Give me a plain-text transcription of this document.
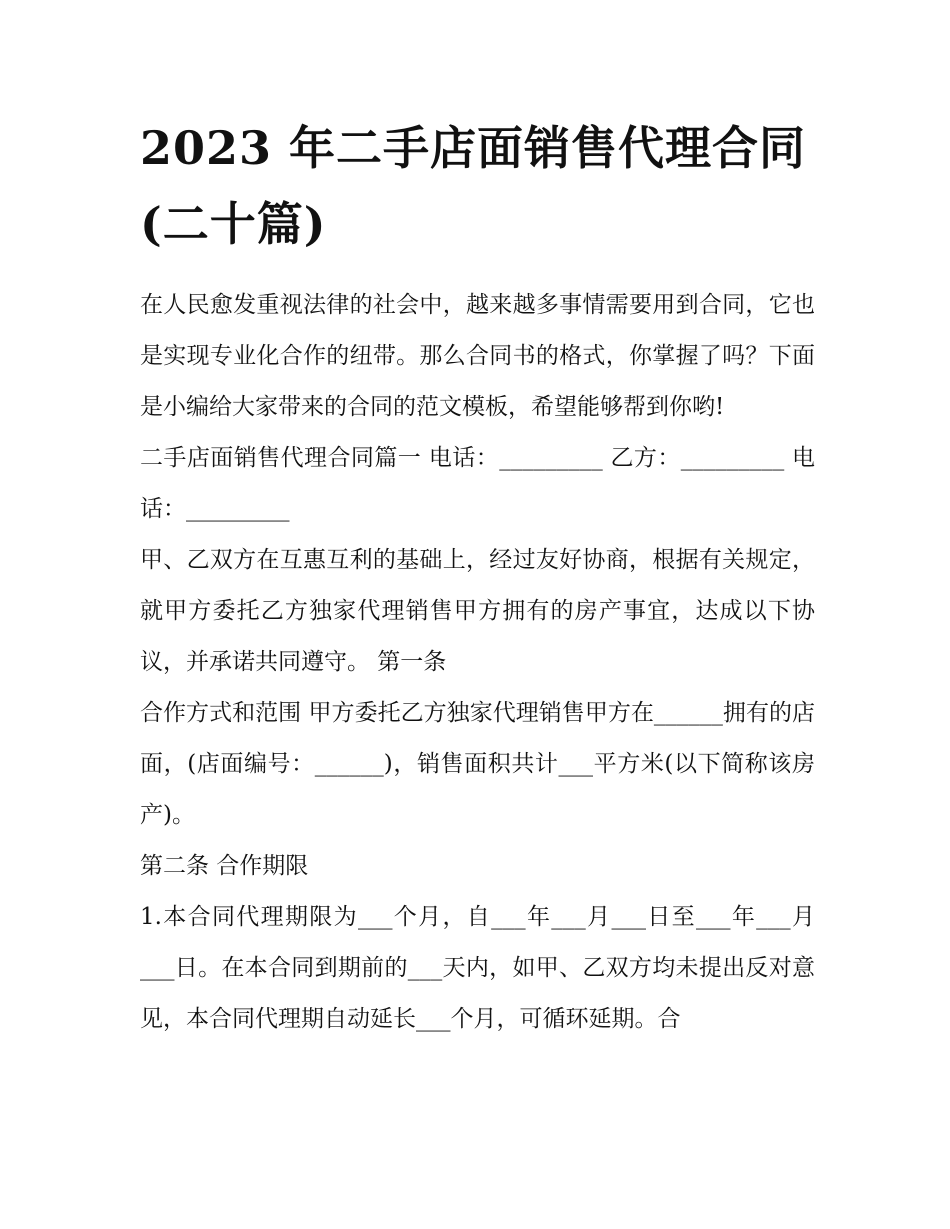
2023 年二手店面销售代理合同(二十篇)

在人民愈发重视法律的社会中，越来越多事情需要用到合同，它也是实现专业化合作的纽带。那么合同书的格式，你掌握了吗？下面是小编给大家带来的合同的范文模板，希望能够帮到你哟!

二手店面销售代理合同篇一 电话：_________ 乙方：_________ 电话：_________

甲、乙双方在互惠互利的基础上，经过友好协商，根据有关规定，就甲方委托乙方独家代理销售甲方拥有的房产事宜，达成以下协议，并承诺共同遵守。 第一条

合作方式和范围 甲方委托乙方独家代理销售甲方在______拥有的店面，(店面编号：______)，销售面积共计___平方米(以下简称该房产)。

第二条 合作期限

1.本合同代理期限为___个月，自___年___月___日至___年___月___日。在本合同到期前的___天内，如甲、乙双方均未提出反对意见，本合同代理期自动延长___个月，可循环延期。合
